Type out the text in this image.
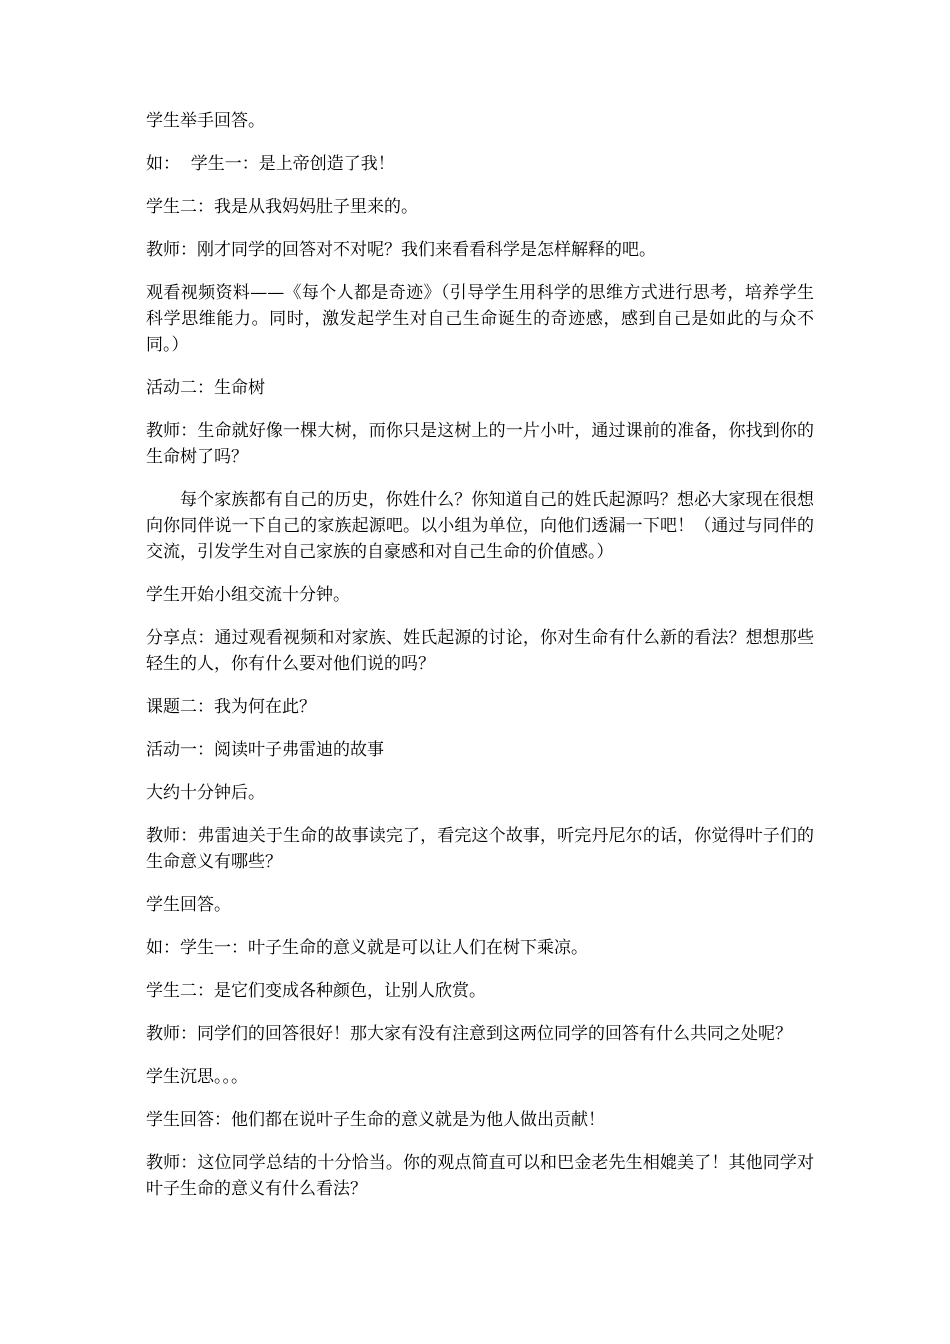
学生举手回答。

如：  学生一：是上帝创造了我！

学生二：我是从我妈妈肚子里来的。

教师：刚才同学的回答对不对呢？我们来看看科学是怎样解释的吧。

观看视频资料——《每个人都是奇迹》（引导学生用科学的思维方式进行思考，培养学生科学思维能力。同时，激发起学生对自己生命诞生的奇迹感，感到自己是如此的与众不同。）

活动二：生命树

教师：生命就好像一棵大树，而你只是这树上的一片小叶，通过课前的准备，你找到你的生命树了吗？

每个家族都有自己的历史，你姓什么？你知道自己的姓氏起源吗？想必大家现在很想向你同伴说一下自己的家族起源吧。以小组为单位，向他们透漏一下吧！（通过与同伴的交流，引发学生对自己家族的自豪感和对自己生命的价值感。）

学生开始小组交流十分钟。

分享点：通过观看视频和对家族、姓氏起源的讨论，你对生命有什么新的看法？想想那些轻生的人，你有什么要对他们说的吗？

课题二：我为何在此？

活动一：阅读叶子弗雷迪的故事

大约十分钟后。

教师：弗雷迪关于生命的故事读完了，看完这个故事，听完丹尼尔的话，你觉得叶子们的生命意义有哪些？

学生回答。

如：学生一：叶子生命的意义就是可以让人们在树下乘凉。

学生二：是它们变成各种颜色，让别人欣赏。

教师：同学们的回答很好！那大家有没有注意到这两位同学的回答有什么共同之处呢？

学生沉思。。。

学生回答：他们都在说叶子生命的意义就是为他人做出贡献！

教师：这位同学总结的十分恰当。你的观点简直可以和巴金老先生相媲美了！其他同学对叶子生命的意义有什么看法？
